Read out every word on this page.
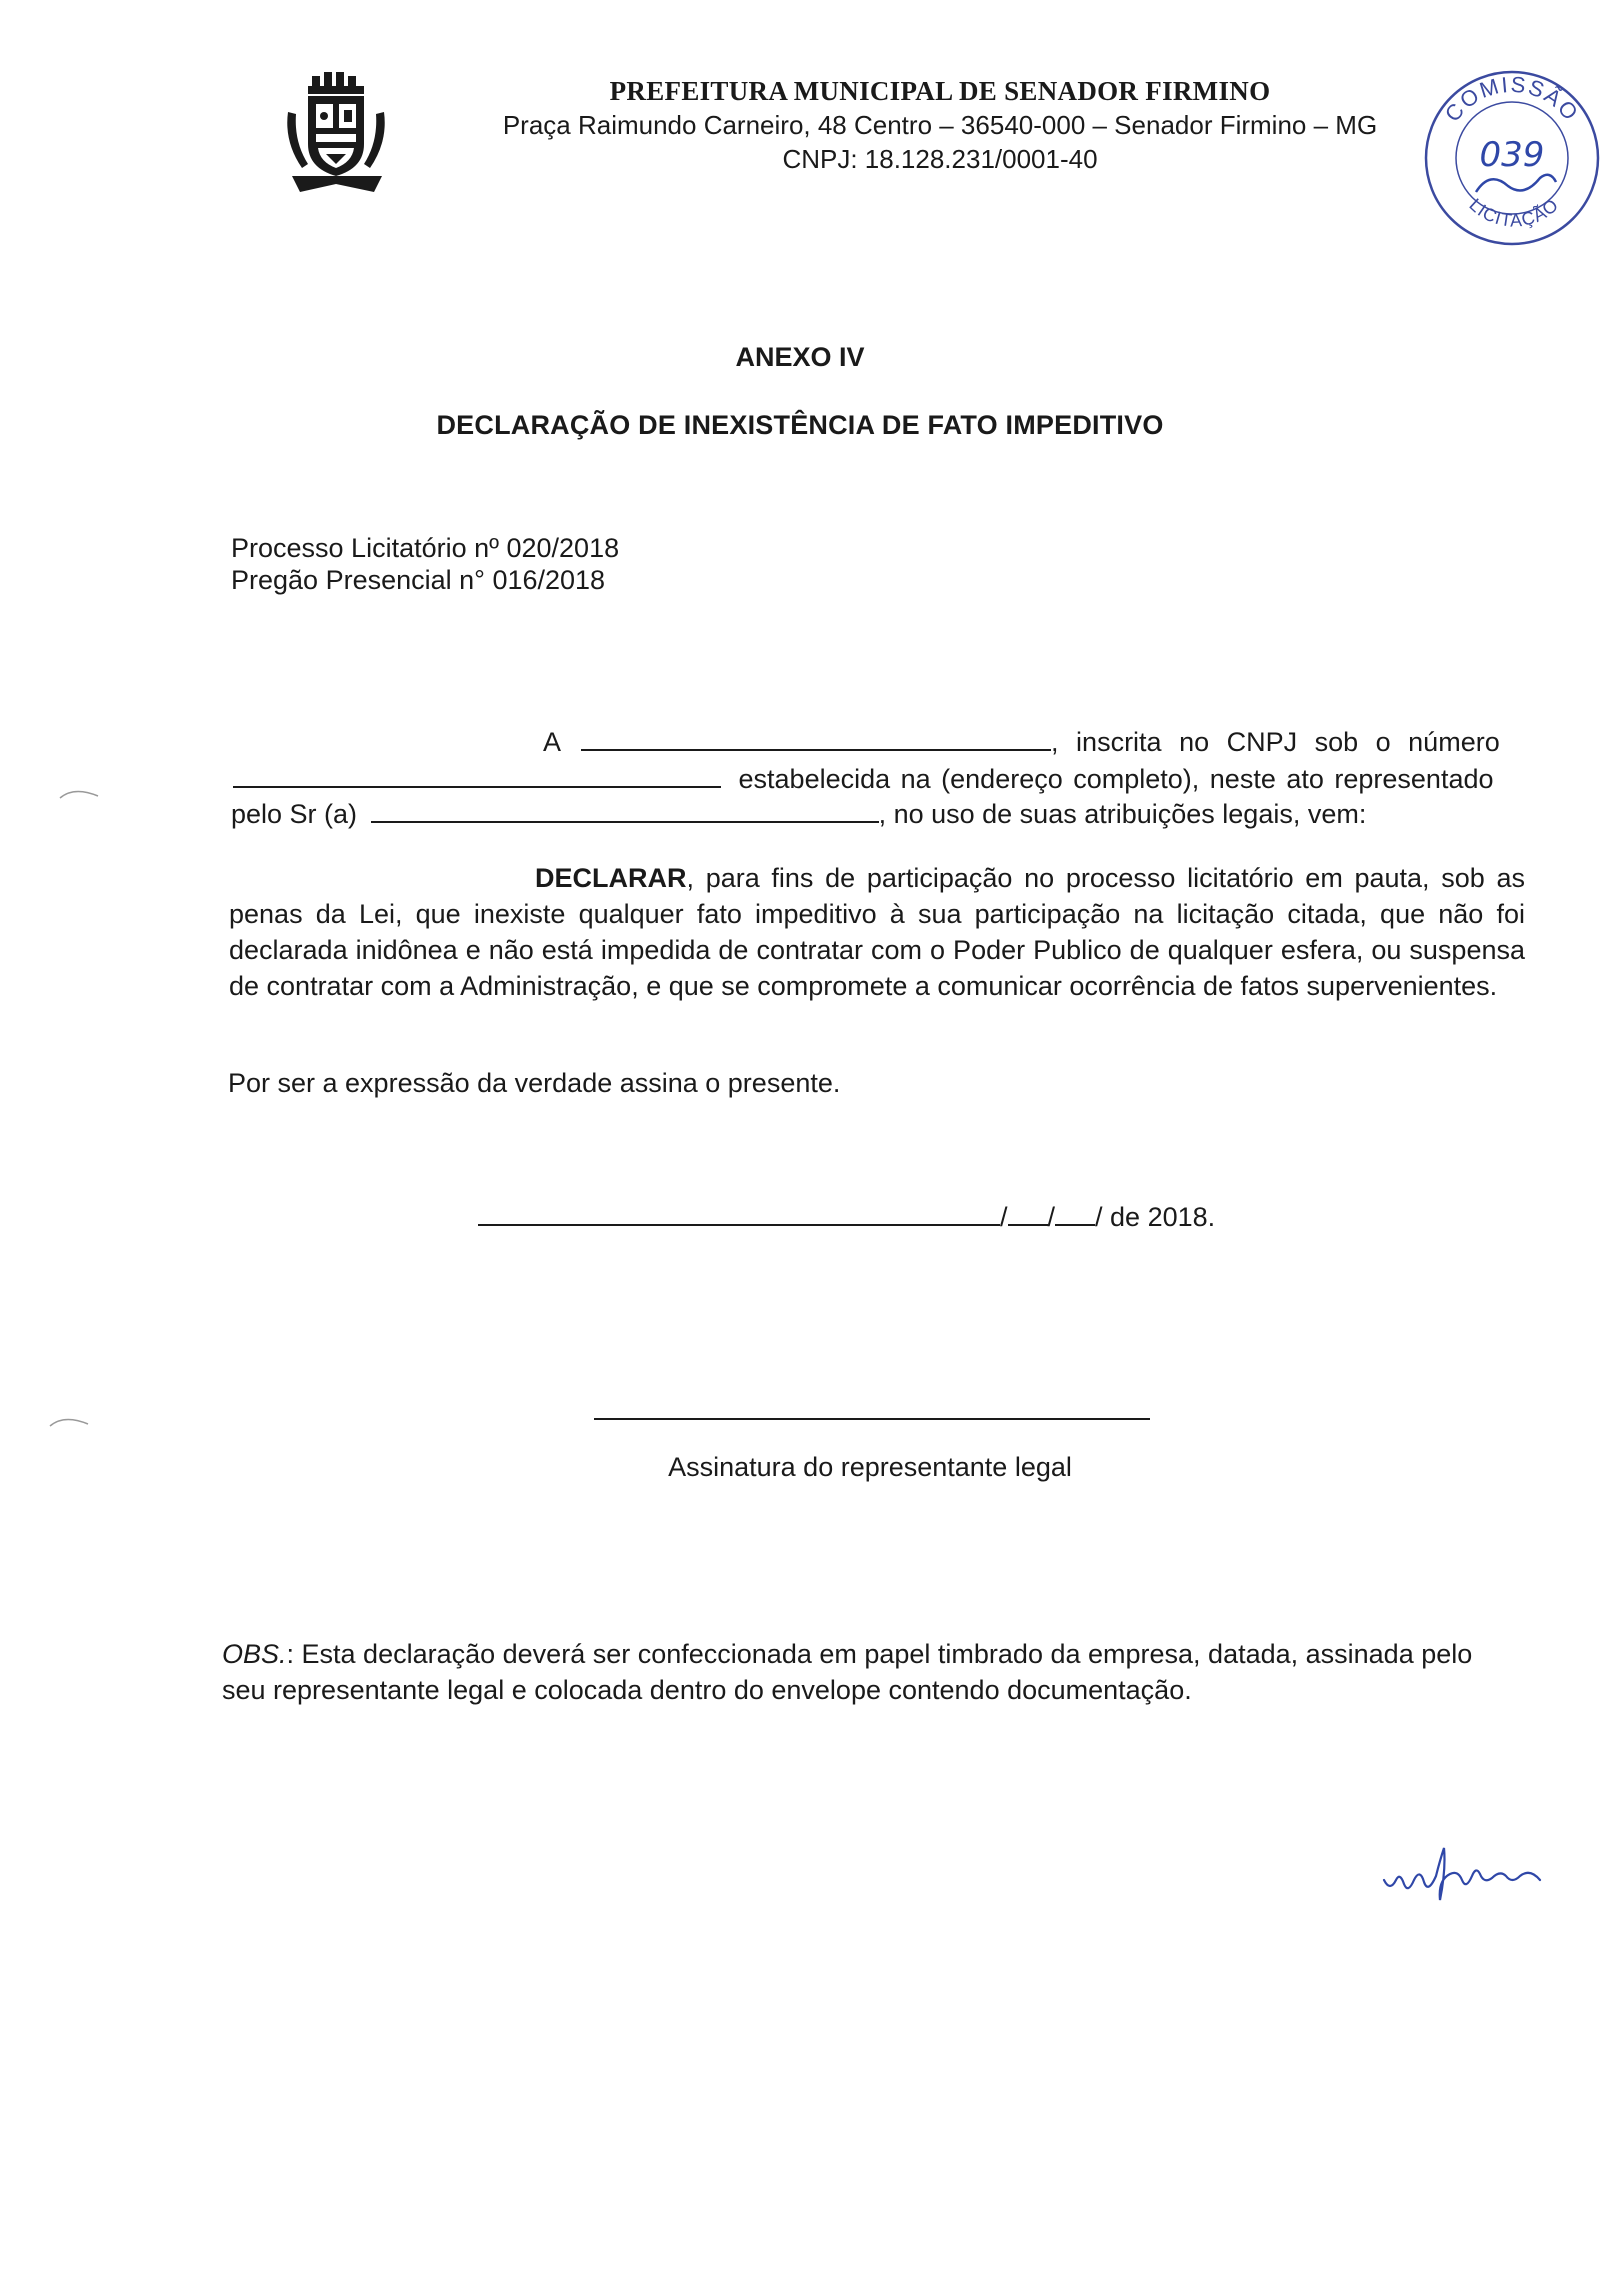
PREFEITURA MUNICIPAL DE SENADOR FIRMINO
Praça Raimundo Carneiro, 48 Centro – 36540-000 – Senador Firmino – MG
CNPJ: 18.128.231/0001-40
COMISSÃO
LICITAÇÃO
039
ANEXO IV
DECLARAÇÃO DE INEXISTÊNCIA DE FATO IMPEDITIVO
Processo Licitatório nº 020/2018
Pregão Presencial n° 016/2018
A	, inscrita no CNPJ sob o número
estabelecida na (endereço completo), neste ato representado
pelo Sr (a)	, no uso de suas atribuições legais, vem:
DECLARAR, para fins de participação no processo licitatório em pauta, sob as penas da Lei, que inexiste qualquer fato impeditivo à sua participação na licitação citada, que não foi declarada inidônea e não está impedida de contratar com o Poder Publico de qualquer esfera, ou suspensa de contratar com a Administração, e que se compromete a comunicar ocorrência de fatos supervenientes.
Por ser a expressão da verdade assina o presente.
/ / / de 2018.
Assinatura do representante legal
OBS.: Esta declaração deverá ser confeccionada em papel timbrado da empresa, datada, assinada pelo seu representante legal e colocada dentro do envelope contendo documentação.
